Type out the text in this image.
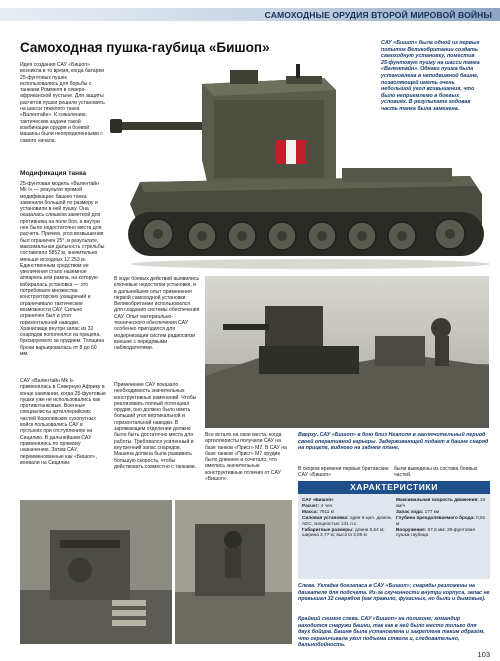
САМОХОДНЫЕ ОРУДИЯ ВТОРОЙ МИРОВОЙ ВОЙНЫ
Самоходная пушка-гаубица «Бишоп»
Идея создания САУ «Бишоп» возникла в то время, когда батареи 25-фунтовых пушек использовались для борьбы с танками Роммеля в северо-африканской пустыне. Для защиты расчетов пушки решили установить на шасси тяжелого танка «Валентайн». К сожалению, тактические задачи такой комбинации орудия и боевой машины были неопределенными с самого начала.
Модификация танка
25-фунтовая модель «Валентайн Mk I» — результат прямой модификации: башню танка заменили большой по размеру и установили в ней пушку. Она оказалась слишком заметной для противника на поле боя, а внутри нее было недостаточно места для расчета. Причем, угол возвышения был ограничен 25°, в результате, максимальная дальность стрельбы составляло 5852 м, значительно меньше исходных 12 253 м. Единственным средством ее увеличения стало наземное аппарель или рампа, на которую взбиралась установка — это потребовало множества конструкторских ухищрений и ограничивало тактические возможности САУ. Сильно ограничен был и угол горизонтальной наводки. Хранилище внутри запас из 32 снарядов пополнялся из прицепа, буксируемого за орудием. Толщина брони варьировалась от 8 до 60 мм.
САУ «Валентайн Mk I» применялась в Северную Африку в конце кампании, когда 25-фунтовые пушки уже не использовались как противотанковые. Военные специалисты артиллерийских частей Королевских сухопутных войск пользовались САУ в пустынях при отступлениях на Сицилию. В дальнейшем САУ применялись по прямому назначению. Затем САУ, переименованные как «Бишоп», воевали на Сицилии.
САУ «Бишоп» была одной из первых попыток Великобритании создать самоходную установку, поместив 25-фунтовую пушку на шасси танка «Валентайн». Однако пушка была установлена в неподвижной башне, позволяющей иметь очень небольшой угол возвышения, что было неприемлемо в боевых условиях. В результате ходовая часть танка была заменена.
В ходе боевых действий выявились ключевые недостатки установки, и в дальнейшем опыт применения первой самоходной установки Великобритании использовался для создания системы обеспечения САУ. Опыт материально-технического обеспечения САУ особенно пригодился для модернизации систем радиосвязи внешне с передовыми наблюдателями.
Применение САУ показало необходимость значительных конструктивных изменений. Чтобы реализовать полный потенциал орудия, оно должно было иметь больший угол вертикальной и горизонтальной наводки. В заряжающем отделении должно было быть достаточно места для работы. Требовался усиленный и внутренний запас снарядов. Машина должна была развивать большую скорость, чтобы действовать совместно с танками.
Все встало на свои места, когда артиллеристы получили САУ на базе танков «Присг» M7. В САУ на базе танков «Присг» M7 орудие было длиннее и сочетало, что имелись значительные конструктивные отличия от САУ «Бишоп».
Вверху. САУ «Бишоп» в бою близ Неаполя в заключительный период своей оперативной карьеры. Задерживающей подает в башне снаряд на прицепе, видного на заднем плане.
В скором времени первые британские САУ «Бишоп»
были выведены из состава боевых частей.
ХАРАКТЕРИСТИКИ
САУ «Бишоп»
Расчет: 4 чел.
Масса: 7911 кг
Силовая установка: один 6-цил. дизель АЕС, мощностью 131 л.с.
Габаритные размеры: длина 5,64 м; ширина 2,77 м; высота 3,05 м
Максимальная скорость движения: 24 км/ч
Запас хода: 177 км
Глубина преодолеваемого брода: 0,91 м
Вооружение: 87,6 мм; 25-фунтовая пушка-гаубица
Слева. Укладка боезапаса в САУ «Бишоп»; снаряды разложены на двигателе для подсчета. Из-за скученности внутри корпуса, запас не превышал 32 снарядов (как правило, фугасных, но были и дымовые).
Крайний снимок слева. САУ «Бишоп» на полигоне; командир находится снаружи башни, так как в ней было место только для двух бойцов. Башня была установлена и закреплена таким образом, что ограничивала угол подъема ствола и, следовательно, дальнобойность.
103
